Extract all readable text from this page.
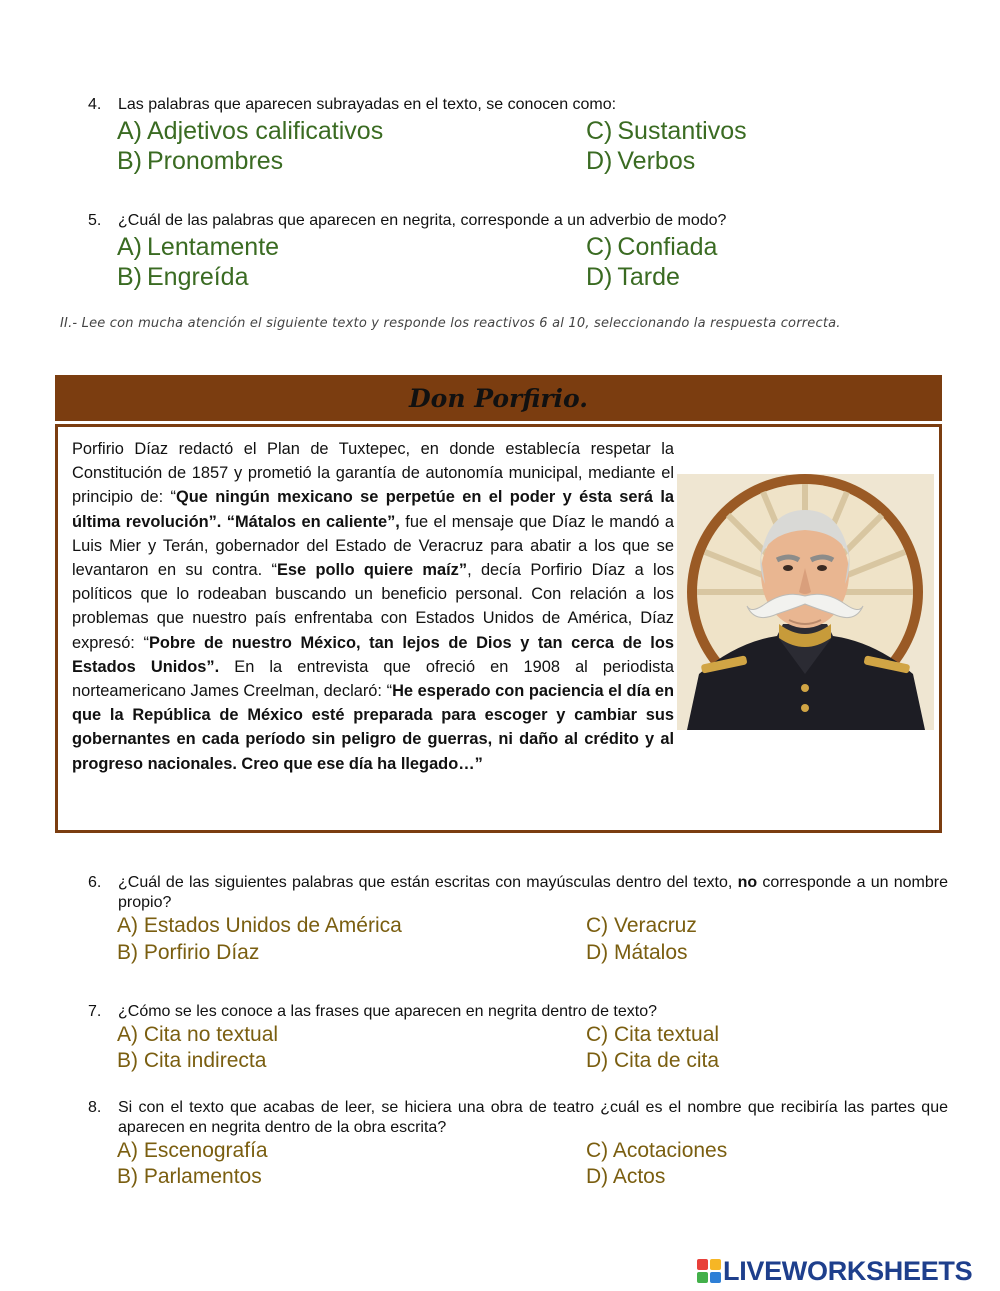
4.	Las palabras que aparecen subrayadas en el texto, se conocen como:
A) Adjetivos calificativos
B) Pronombres
C) Sustantivos
D) Verbos
5.	¿Cuál de las palabras que aparecen en negrita, corresponde a un adverbio de modo?
A) Lentamente
B) Engreída
C) Confiada
D) Tarde
II.- Lee con mucha atención el siguiente texto y responde los reactivos 6 al 10, seleccionando la respuesta correcta.
Don Porfirio.
Porfirio Díaz redactó el Plan de Tuxtepec, en donde establecía respetar la Constitución de 1857 y prometió la garantía de autonomía municipal, mediante el principio de: “Que ningún mexicano se perpetúe en el poder y ésta será la última revolución”. “Mátalos en caliente”, fue el mensaje que Díaz le mandó a Luis Mier y Terán, gobernador del Estado de Veracruz para abatir a los que se levantaron en su contra. “Ese pollo quiere maíz”, decía Porfirio Díaz a los políticos que lo rodeaban buscando un beneficio personal. Con relación a los problemas que nuestro país enfrentaba con Estados Unidos de América, Díaz expresó: “Pobre de nuestro México, tan lejos de Dios y tan cerca de los Estados Unidos”. En la entrevista que ofreció en 1908 al periodista norteamericano James Creelman, declaró: “He esperado con paciencia el día en que la República de México esté preparada para escoger y cambiar sus gobernantes en cada período sin peligro de guerras, ni daño al crédito y al progreso nacionales. Creo que ese día ha llegado…”
6.	¿Cuál de las siguientes palabras que están escritas con mayúsculas dentro del texto, no corresponde a un nombre propio?
A) Estados Unidos de América
B) Porfirio Díaz
C) Veracruz
D) Mátalos
7.	¿Cómo se les conoce a las frases que aparecen en negrita dentro de texto?
A) Cita no textual
B) Cita indirecta
C) Cita textual
D) Cita de cita
8.	Si con el texto que acabas de leer, se hiciera una obra de teatro ¿cuál es el nombre que recibiría las partes que aparecen en negrita dentro de la obra escrita?
A) Escenografía
B) Parlamentos
C) Acotaciones
D) Actos
LIVEWORKSHEETS
